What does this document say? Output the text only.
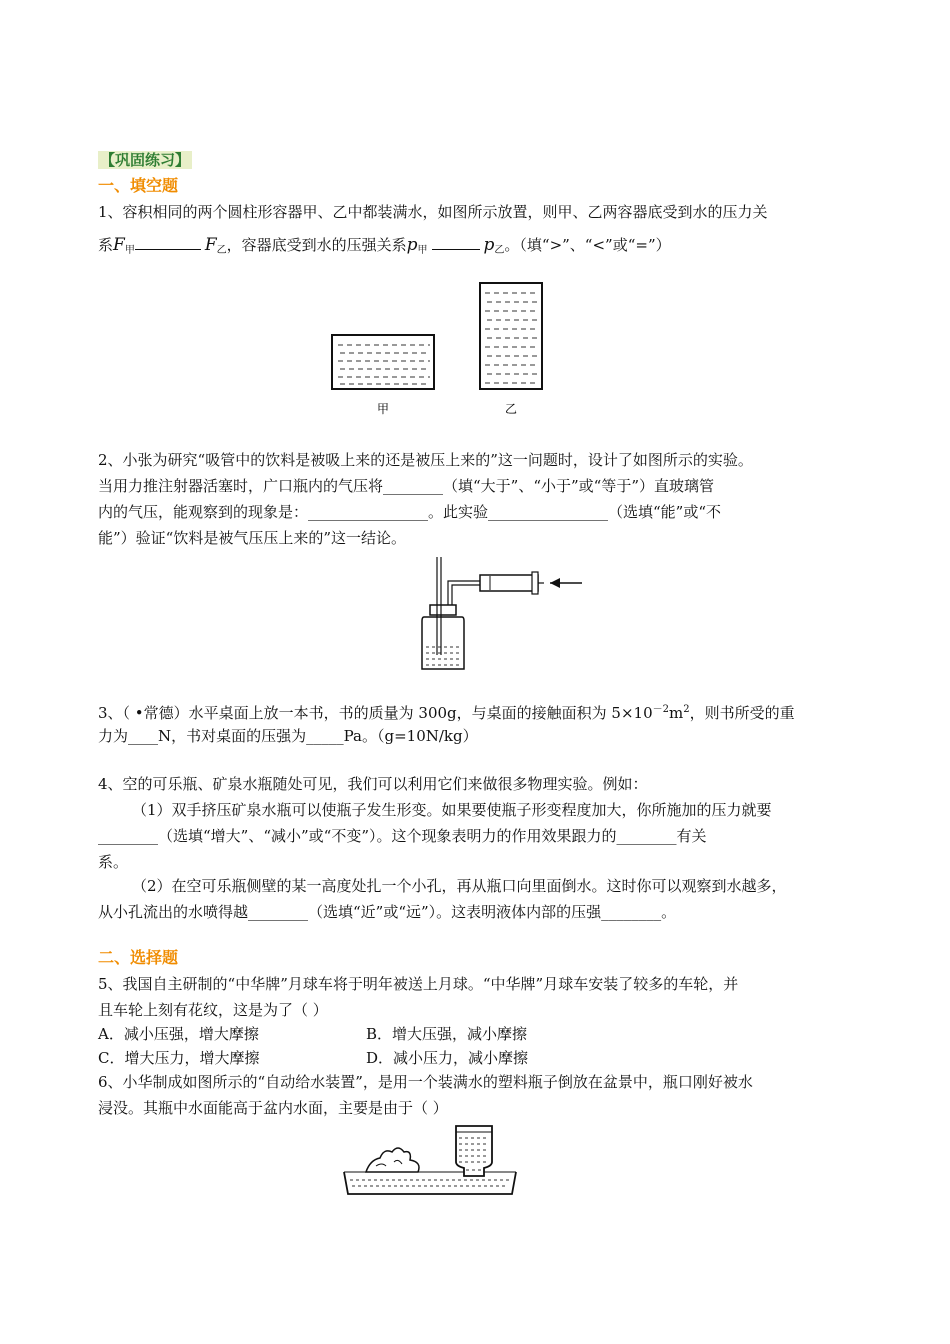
【巩固练习】
一、填空题
1、容积相同的两个圆柱形容器甲、乙中都装满水，如图所示放置，则甲、乙两容器底受到水的压力关
系F甲	F乙，容器底受到水的压强关系p甲	p乙。（填“>”、“<”或“=”）
甲	乙
2、小张为研究“吸管中的饮料是被吸上来的还是被压上来的”这一问题时，设计了如图所示的实验。
当用力推注射器活塞时，广口瓶内的气压将________（填“大于”、“小于”或“等于”）直玻璃管
内的气压，能观察到的现象是：________________。此实验________________（选填“能”或“不
能”）验证“饮料是被气压压上来的”这一结论。
3、（ •常德）水平桌面上放一本书，书的质量为 300g，与桌面的接触面积为 $5\times 10^{-2}m^2$，则书所受的重
力为____N，书对桌面的压强为_____Pa。（g=10N/kg）
4、空的可乐瓶、矿泉水瓶随处可见，我们可以利用它们来做很多物理实验。例如：
（1）双手挤压矿泉水瓶可以使瓶子发生形变。如果要使瓶子形变程度加大，你所施加的压力就要
________（选填“增大”、“减小”或“不变”）。这个现象表明力的作用效果跟力的________有关
系。
（2）在空可乐瓶侧壁的某一高度处扎一个小孔，再从瓶口向里面倒水。这时你可以观察到水越多，
从小孔流出的水喷得越________（选填“近”或“远”）。这表明液体内部的压强________。
二、选择题
5、我国自主研制的“中华牌”月球车将于明年被送上月球。“中华牌”月球车安装了较多的车轮，并
且车轮上刻有花纹，这是为了（ ）
A．减小压强，增大摩擦	B．增大压强，减小摩擦
C．增大压力，增大摩擦	D．减小压力，减小摩擦
6、小华制成如图所示的“自动给水装置”，是用一个装满水的塑料瓶子倒放在盆景中，瓶口刚好被水
浸没。其瓶中水面能高于盆内水面，主要是由于（ ）
